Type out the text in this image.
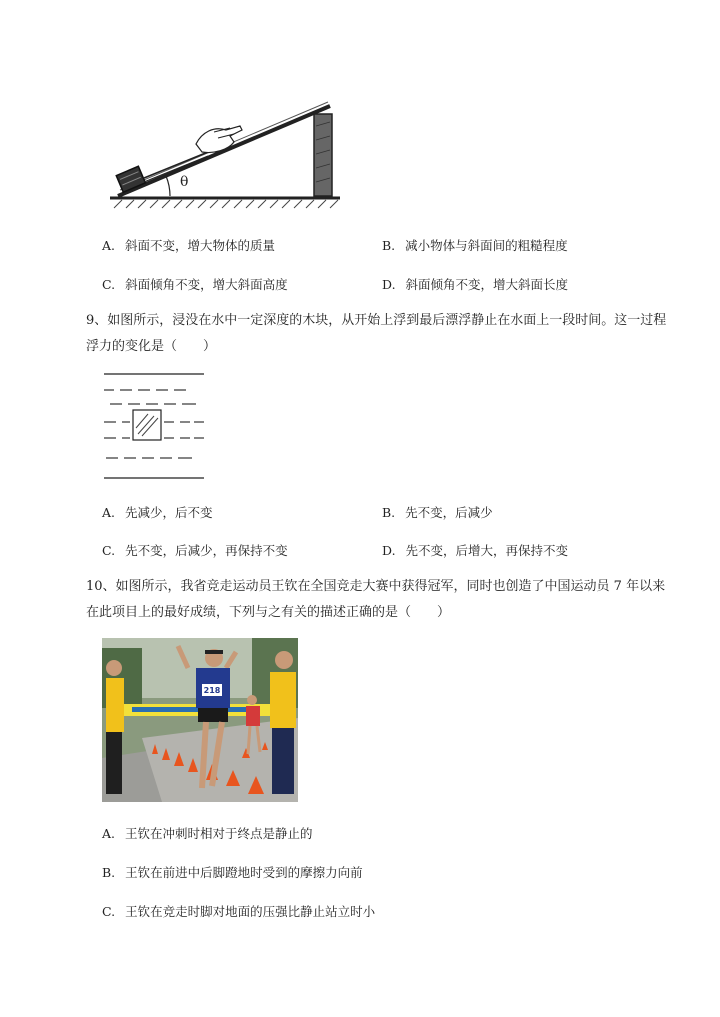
θ
A. 斜面不变，增大物体的质量	B. 减小物体与斜面间的粗糙程度
C. 斜面倾角不变，增大斜面高度	D. 斜面倾角不变，增大斜面长度
9、如图所示，浸没在水中一定深度的木块，从开始上浮到最后漂浮静止在水面上一段时间。这一过程
浮力的变化是（　　）
A. 先减少，后不变	B. 先不变，后减少
C. 先不变，后减少，再保持不变	D. 先不变，后增大，再保持不变
10、如图所示，我省竞走运动员王钦在全国竞走大赛中获得冠军，同时也创造了中国运动员 7 年以来
在此项目上的最好成绩，下列与之有关的描述正确的是（　　）
218
A. 王钦在冲刺时相对于终点是静止的
B. 王钦在前进中后脚蹬地时受到的摩擦力向前
C. 王钦在竞走时脚对地面的压强比静止站立时小
